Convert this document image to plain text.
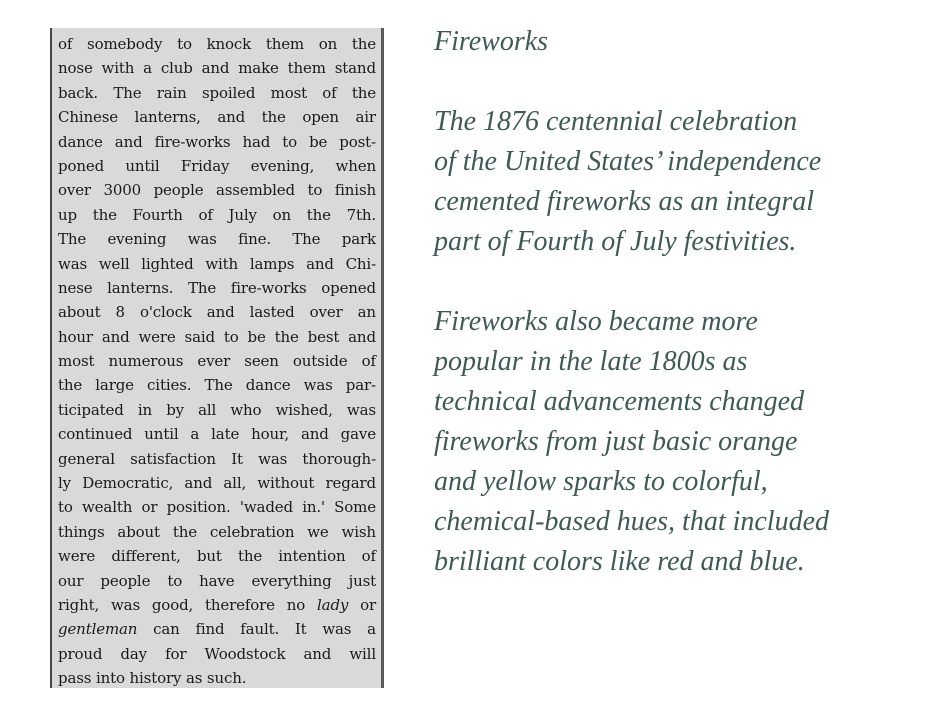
of somebody to knock them on the
nose with a club and make them stand
back. The rain spoiled most of the
Chinese lanterns, and the open air
dance and fire-works had to be post-
poned until Friday evening, when
over 3000 people assembled to finish
up the Fourth of July on the 7th.
The evening was fine. The park
was well lighted with lamps and Chi-
nese lanterns. The fire-works opened
about 8 o'clock and lasted over an
hour and were said to be the best and
most numerous ever seen outside of
the large cities. The dance was par-
ticipated in by all who wished, was
continued until a late hour, and gave
general satisfaction It was thorough-
ly Democratic, and all, without regard
to wealth or position. 'waded in.' Some
things about the celebration we wish
were different, but the intention of
our people to have everything just
right, was good, therefore no lady or
gentleman can find fault. It was a
proud day for Woodstock and will
pass into history as such.

Fireworks

The 1876 centennial celebration
of the United States’ independence
cemented fireworks as an integral
part of Fourth of July festivities.

Fireworks also became more
popular in the late 1800s as
technical advancements changed
fireworks from just basic orange
and yellow sparks to colorful,
chemical-based hues, that included
brilliant colors like red and blue.
